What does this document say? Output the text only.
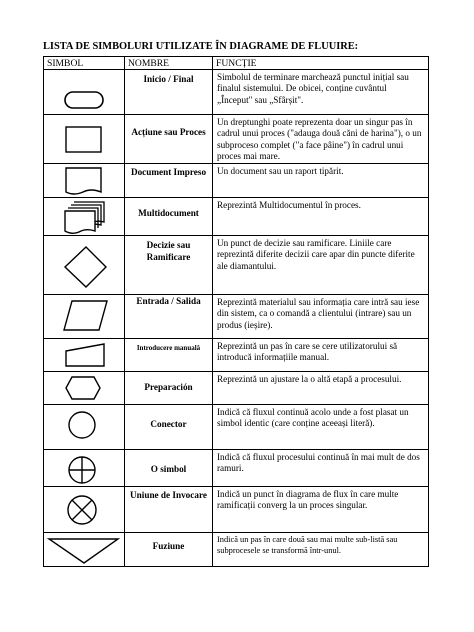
LISTA DE SIMBOLURI UTILIZATE ÎN DIAGRAME DE FLUUIRE:
SIMBOL	NOMBRE	FUNCȚIE

Inicio / Final	Simbolul de terminare marchează punctul inițial sau finalul sistemului. De obicei, conține cuvântul „Început" sau „Sfârșit".

Acțiune sau Proces	Un dreptunghi poate reprezenta doar un singur pas în cadrul unui proces ("adauga două căni de harina"), o un subproceso complet ("a face pâine") în cadrul unui proces mai mare.

Document Impreso	Un document sau un raport tipărit.

Multidocument	Reprezintă Multidocumentul în proces.

Decizie sau Ramificare	Un punct de decizie sau ramificare. Liniile care reprezintă diferite decizii care apar din puncte diferite ale diamantului.

Entrada / Salida	Reprezintă materialul sau informația care intră sau iese din sistem, ca o comandă a clientului (intrare) sau un produs (ieșire).

Introducere manuală	Reprezintă un pas în care se cere utilizatorului să introducă informațiile manual.

Preparación	Reprezintă un ajustare la o altă etapă a procesului.

Conector	Indică că fluxul continuă acolo unde a fost plasat un simbol identic (care conține aceeași literă).

O simbol	Indică că fluxul procesului continuă în mai mult de dos ramuri.

Uniune de Invocare	Indică un punct în diagrama de flux în care multe ramificații converg la un proces singular.

Fuziune	Indică un pas în care două sau mai multe sub-listă sau subprocesele se transformă într-unul.
